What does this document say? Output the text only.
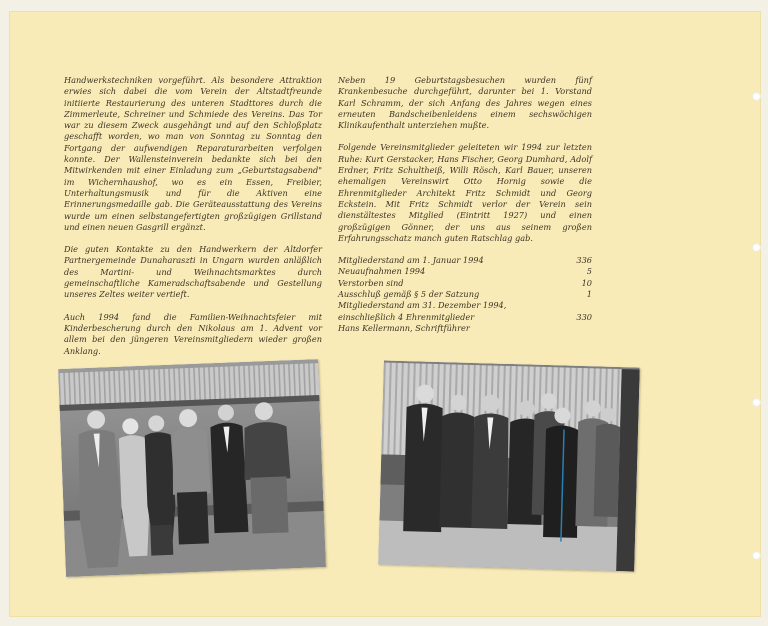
Handwerkstechniken vorgeführt. Als besondere Attraktion erwies sich dabei die vom Verein der Altstadtfreunde initiierte Restaurierung des unteren Stadttores durch die Zimmerleute, Schreiner und Schmiede des Vereins. Das Tor war zu diesem Zweck ausgehängt und auf den Schloßplatz geschafft worden, wo man von Sonntag zu Sonntag den Fortgang der aufwendigen Reparaturarbeiten verfolgen konnte. Der Wallensteinverein bedankte sich bei den Mitwirkenden mit einer Einladung zum „Geburtstagsabend" im Wichernhaushof, wo es ein Essen, Freibier, Unterhaltungsmusik und für die Aktiven eine Erinnerungsmedaille gab. Die Geräteausstattung des Vereins wurde um einen selbstangefertigten großzügigen Grillstand und einen neuen Gasgrill ergänzt.

Die guten Kontakte zu den Handwerkern der Altdorfer Partnergemeinde Dunaharaszti in Ungarn wurden anläßlich des Martini- und Weihnachtsmarktes durch gemeinschaftliche Kameradschaftsabende und Gestellung unseres Zeltes weiter vertieft.

Auch 1994 fand die Familien-Weihnachtsfeier mit Kinderbescherung durch den Nikolaus am 1. Advent vor allem bei den jüngeren Vereinsmitgliedern wieder großen Anklang.

Neben 19 Geburtstagsbesuchen wurden fünf Krankenbesuche durchgeführt, darunter bei 1. Vorstand Karl Schramm, der sich Anfang des Jahres wegen eines erneuten Bandscheibenleidens einem sechswöchigen Klinikaufenthalt unterziehen mußte.

Folgende Vereinsmitglieder geleiteten wir 1994 zur letzten Ruhe: Kurt Gerstacker, Hans Fischer, Georg Dumhard, Adolf Erdner, Fritz Schultheiß, Willi Rösch, Karl Bauer, unseren ehemaligen Vereinswirt Otto Hornig sowie die Ehrenmitglieder Architekt Fritz Schmidt und Georg Eckstein. Mit Fritz Schmidt verlor der Verein sein dienstältestes Mitglied (Eintritt 1927) und einen großzügigen Gönner, der uns aus seinem großen Erfahrungsschatz manch guten Ratschlag gab.

Mitgliederstand am 1. Januar 1994	336
Neuaufnahmen 1994	5
Verstorben sind	10
Ausschluß gemäß § 5 der Satzung	1
Mitgliederstand am 31. Dezember 1994,
einschließlich 4 Ehrenmitglieder	330
Hans Kellermann, Schriftführer
